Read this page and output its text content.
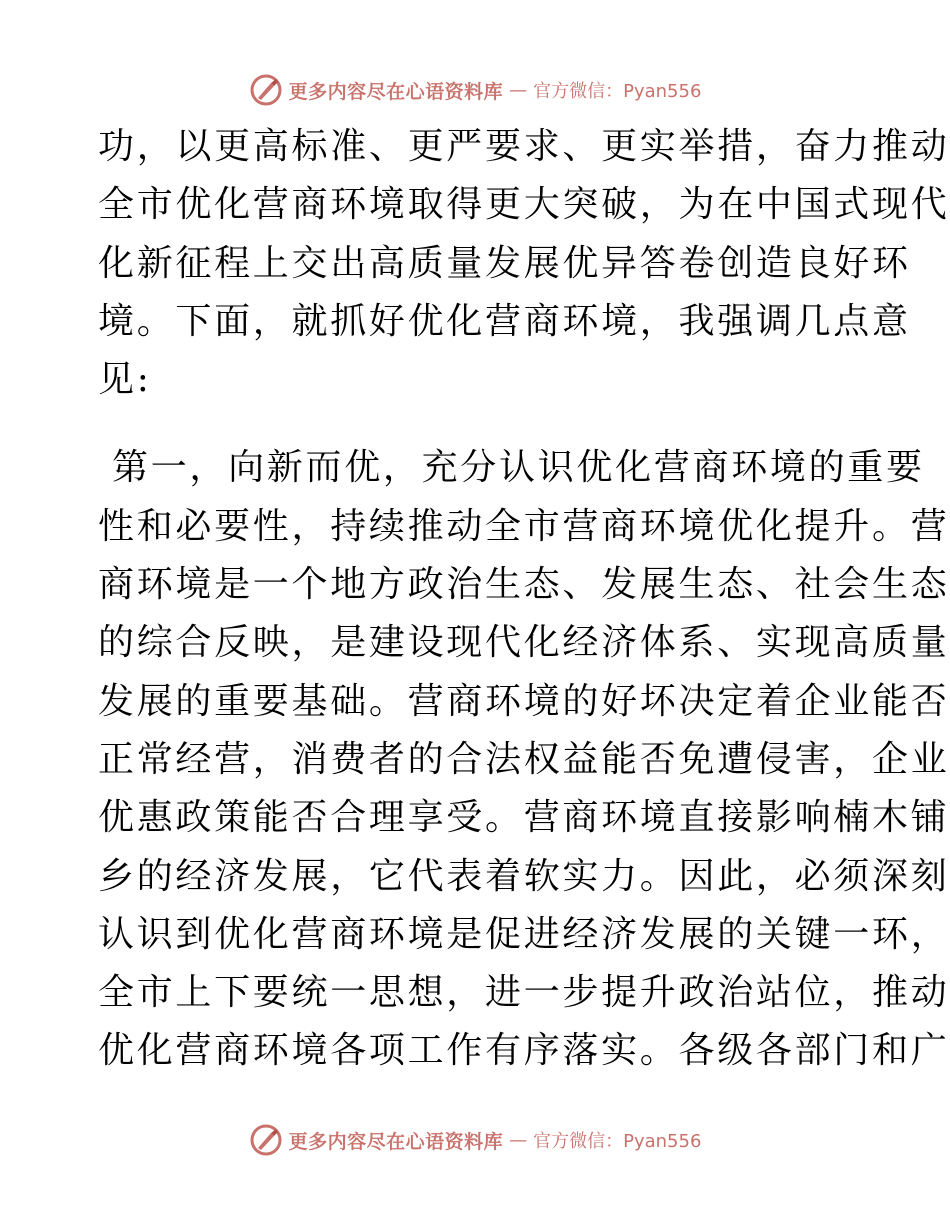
更多内容尽在心语资料库 — 官方微信：Pyan556
功，以更高标准、更严要求、更实举措，奋力推动
全市优化营商环境取得更大突破，为在中国式现代
化新征程上交出高质量发展优异答卷创造良好环
境。下面，就抓好优化营商环境，我强调几点意
见:
第一，向新而优，充分认识优化营商环境的重要
性和必要性，持续推动全市营商环境优化提升。营
商环境是一个地方政治生态、发展生态、社会生态
的综合反映，是建设现代化经济体系、实现高质量
发展的重要基础。营商环境的好坏决定着企业能否
正常经营，消费者的合法权益能否免遭侵害，企业
优惠政策能否合理享受。营商环境直接影响楠木铺
乡的经济发展，它代表着软实力。因此，必须深刻
认识到优化营商环境是促进经济发展的关键一环，
全市上下要统一思想，进一步提升政治站位，推动
优化营商环境各项工作有序落实。各级各部门和广
更多内容尽在心语资料库 — 官方微信：Pyan556
